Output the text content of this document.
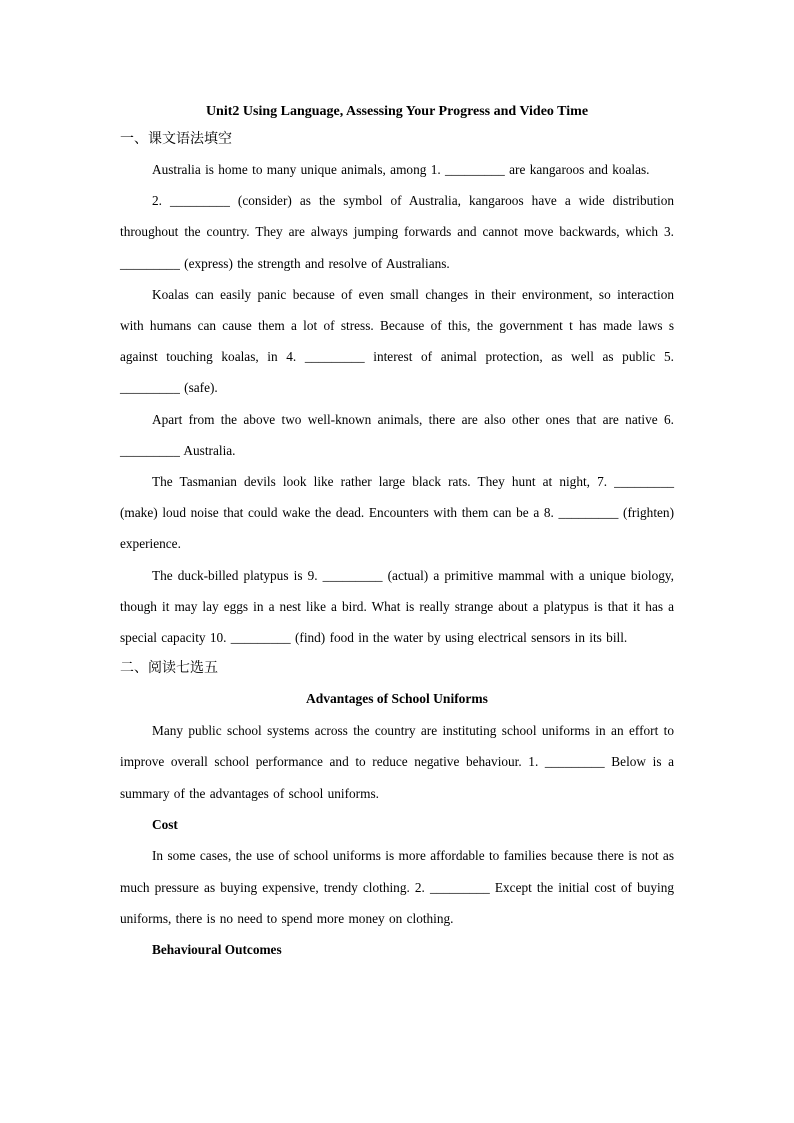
Unit2 Using Language, Assessing Your Progress and Video Time

一、课文语法填空

Australia is home to many unique animals, among 1. _________ are kangaroos and koalas.

2. _________ (consider) as the symbol of Australia, kangaroos have a wide distribution throughout the country. They are always jumping forwards and cannot move backwards, which 3. _________ (express) the strength and resolve of Australians.

Koalas can easily panic because of even small changes in their environment, so interaction with humans can cause them a lot of stress. Because of this, the government t has made laws s against touching koalas, in 4. _________ interest of animal protection, as well as public 5. _________ (safe).

Apart from the above two well-known animals, there are also other ones that are native 6. _________ Australia.

The Tasmanian devils look like rather large black rats. They hunt at night, 7. _________ (make) loud noise that could wake the dead. Encounters with them can be a 8. _________ (frighten) experience.

The duck-billed platypus is 9. _________ (actual) a primitive mammal with a unique biology, though it may lay eggs in a nest like a bird. What is really strange about a platypus is that it has a special capacity 10. _________ (find) food in the water by using electrical sensors in its bill.

二、阅读七选五

Advantages of School Uniforms

Many public school systems across the country are instituting school uniforms in an effort to improve overall school performance and to reduce negative behaviour. 1. _________ Below is a summary of the advantages of school uniforms.

Cost

In some cases, the use of school uniforms is more affordable to families because there is not as much pressure as buying expensive, trendy clothing. 2. _________ Except the initial cost of buying uniforms, there is no need to spend more money on clothing.

Behavioural Outcomes
